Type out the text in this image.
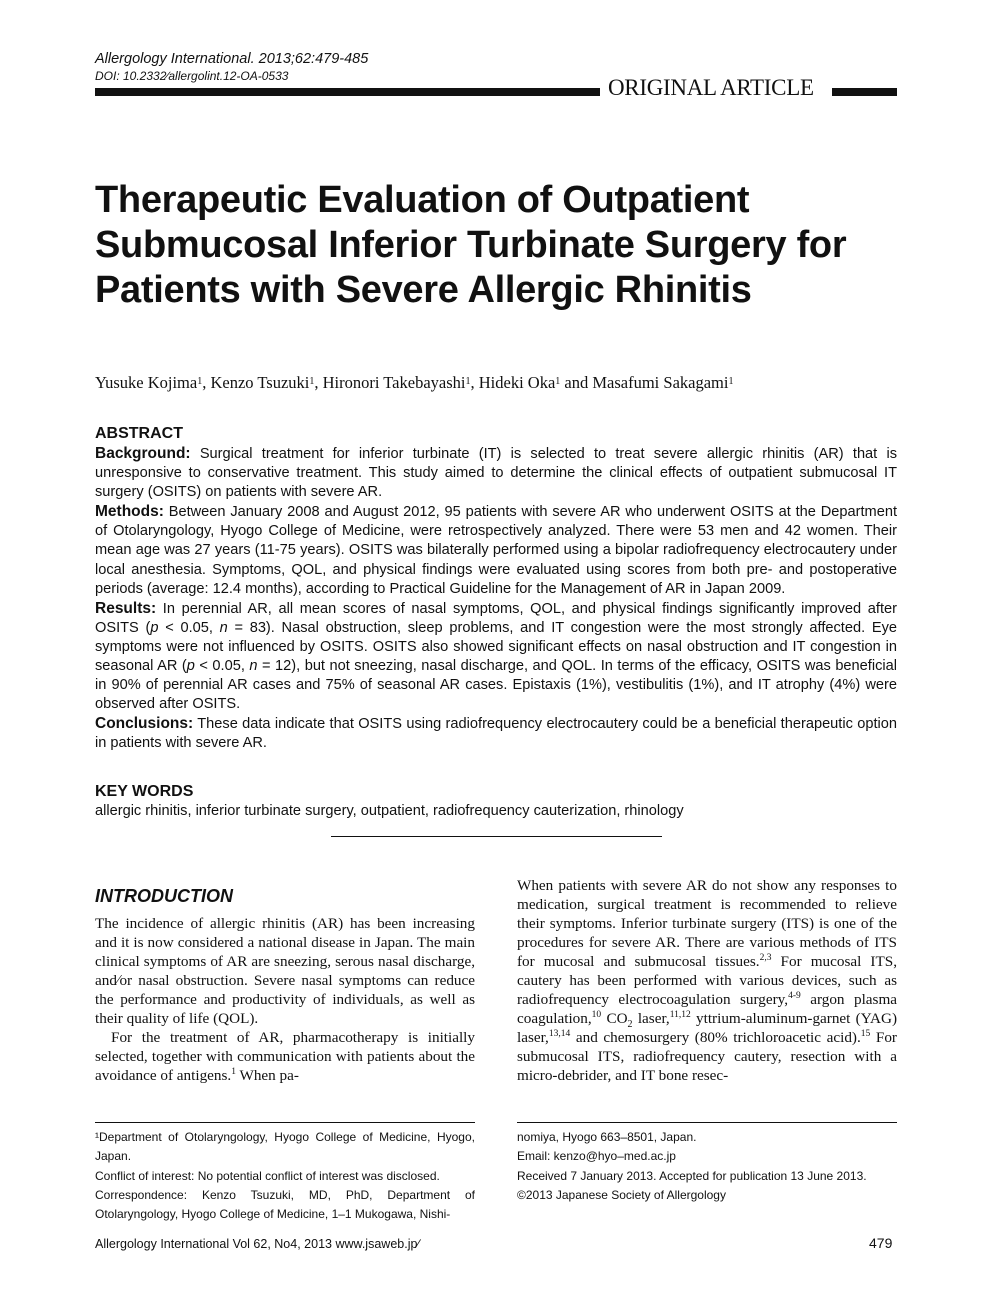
Allergology International. 2013;62:479-485
DOI: 10.2332∕allergolint.12-OA-0533	ORIGINAL ARTICLE
Therapeutic Evaluation of Outpatient Submucosal Inferior Turbinate Surgery for Patients with Severe Allergic Rhinitis
Yusuke Kojima$^1$, Kenzo Tsuzuki$^1$, Hironori Takebayashi$^1$, Hideki Oka$^1$ and Masafumi Sakagami$^1$
ABSTRACT

Background: Surgical treatment for inferior turbinate (IT) is selected to treat severe allergic rhinitis (AR) that is unresponsive to conservative treatment. This study aimed to determine the clinical effects of outpatient submucosal IT surgery (OSITS) on patients with severe AR.

Methods: Between January 2008 and August 2012, 95 patients with severe AR who underwent OSITS at the Department of Otolaryngology, Hyogo College of Medicine, were retrospectively analyzed. There were 53 men and 42 women. Their mean age was 27 years (11-75 years). OSITS was bilaterally performed using a bipolar radiofrequency electrocautery under local anesthesia. Symptoms, QOL, and physical findings were evaluated using scores from both pre- and postoperative periods (average: 12.4 months), according to Practical Guideline for the Management of AR in Japan 2009.

Results: In perennial AR, all mean scores of nasal symptoms, QOL, and physical findings significantly improved after OSITS (p < 0.05, n = 83). Nasal obstruction, sleep problems, and IT congestion were the most strongly affected. Eye symptoms were not influenced by OSITS. OSITS also showed significant effects on nasal obstruction and IT congestion in seasonal AR (p < 0.05, n = 12), but not sneezing, nasal discharge, and QOL. In terms of the efficacy, OSITS was beneficial in 90% of perennial AR cases and 75% of seasonal AR cases. Epistaxis (1%), vestibulitis (1%), and IT atrophy (4%) were observed after OSITS.

Conclusions: These data indicate that OSITS using radiofrequency electrocautery could be a beneficial therapeutic option in patients with severe AR.

KEY WORDS

allergic rhinitis, inferior turbinate surgery, outpatient, radiofrequency cauterization, rhinology

INTRODUCTION

The incidence of allergic rhinitis (AR) has been increasing and it is now considered a national disease in Japan. The main clinical symptoms of AR are sneezing, serous nasal discharge, and∕or nasal obstruction. Severe nasal symptoms can reduce the performance and productivity of individuals, as well as their quality of life (QOL).

For the treatment of AR, pharmacotherapy is initially selected, together with communication with patients about the avoidance of antigens.$^1$ When pa-

When patients with severe AR do not show any responses to medication, surgical treatment is recommended to relieve their symptoms. Inferior turbinate surgery (ITS) is one of the procedures for severe AR. There are various methods of ITS for mucosal and submucosal tissues.$^{2,3}$ For mucosal ITS, cautery has been performed with various devices, such as radiofrequency electrocoagulation surgery,$^{4-9}$ argon plasma coagulation,$^{10}$ $CO_2$ laser,$^{11,12}$ yttrium-aluminum-garnet (YAG) laser,$^{13,14}$ and chemosurgery (80% trichloroacetic acid).$^{15}$ For submucosal ITS, radiofrequency cautery, resection with a micro-debrider, and IT bone resec-

¹Department of Otolaryngology, Hyogo College of Medicine, Hyogo, Japan.

Conflict of interest: No potential conflict of interest was disclosed.

Correspondence: Kenzo Tsuzuki, MD, PhD, Department of Otolaryngology, Hyogo College of Medicine, 1–1 Mukogawa, Nishi-

nomiya, Hyogo 663–8501, Japan.

Email: kenzo@hyo–med.ac.jp

Received 7 January 2013. Accepted for publication 13 June 2013.

©2013 Japanese Society of Allergology

Allergology International Vol 62, No4, 2013 www.jsaweb.jp∕	479
